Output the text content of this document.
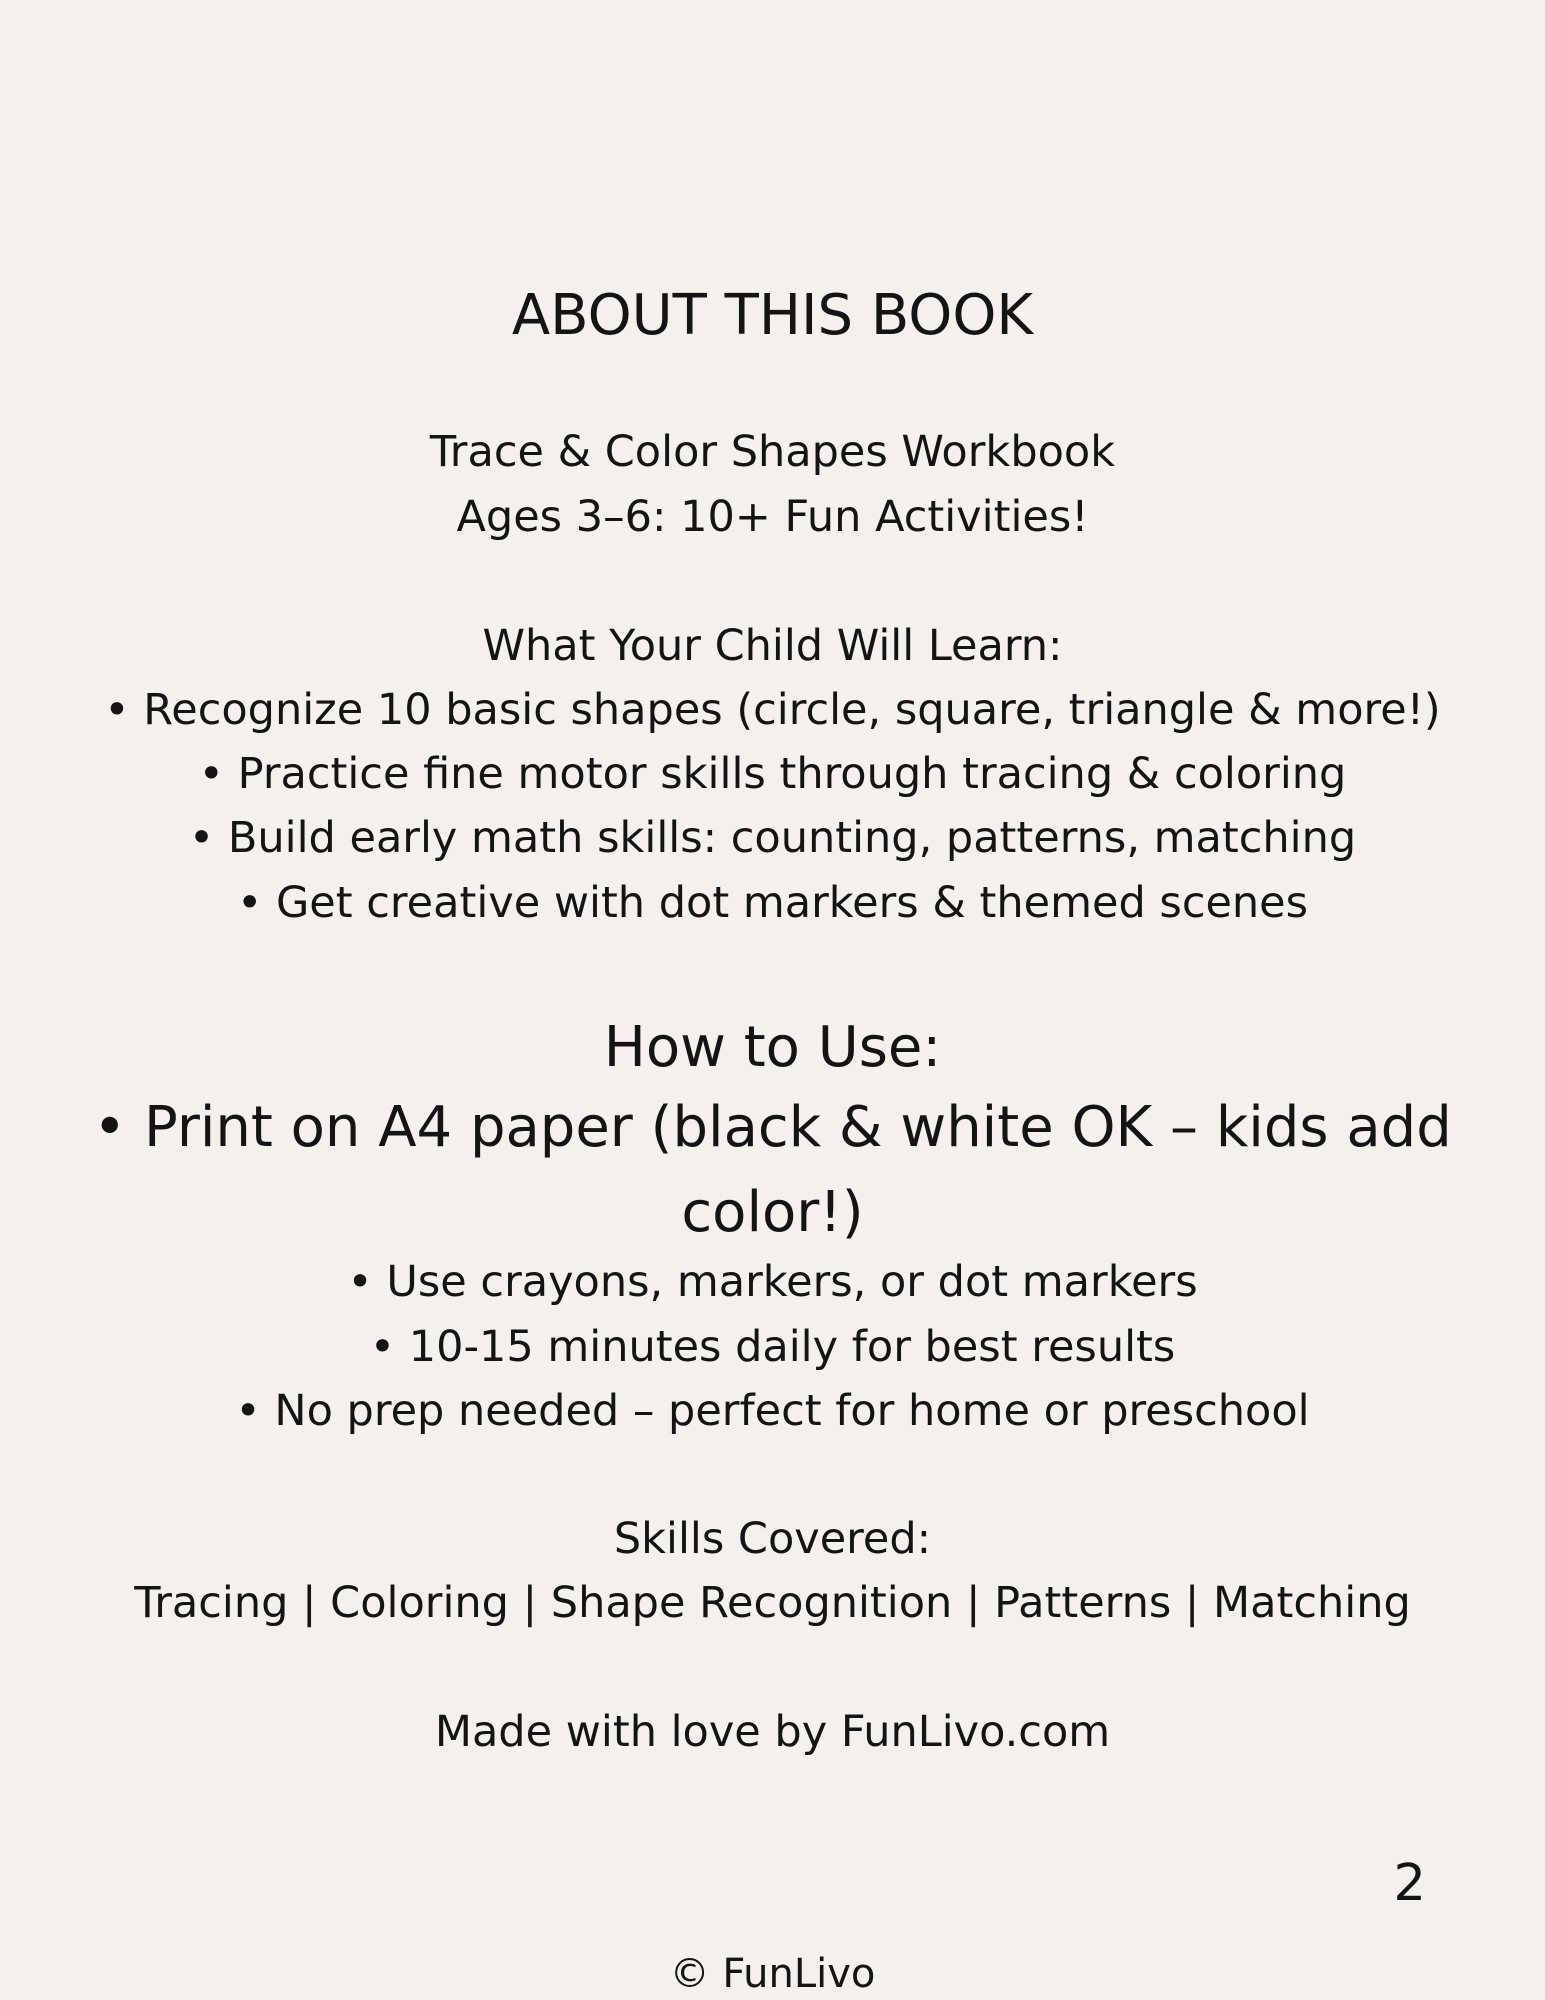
ABOUT THIS BOOK
Trace & Color Shapes Workbook
Ages 3–6: 10+ Fun Activities!
What Your Child Will Learn:
• Recognize 10 basic shapes (circle, square, triangle & more!)
• Practice fine motor skills through tracing & coloring
• Build early math skills: counting, patterns, matching
• Get creative with dot markers & themed scenes
How to Use:
• Print on A4 paper (black & white OK – kids add
color!)
• Use crayons, markers, or dot markers
• 10-15 minutes daily for best results
• No prep needed – perfect for home or preschool
Skills Covered:
Tracing | Coloring | Shape Recognition | Patterns | Matching
Made with love by FunLivo.com
2
© FunLivo
